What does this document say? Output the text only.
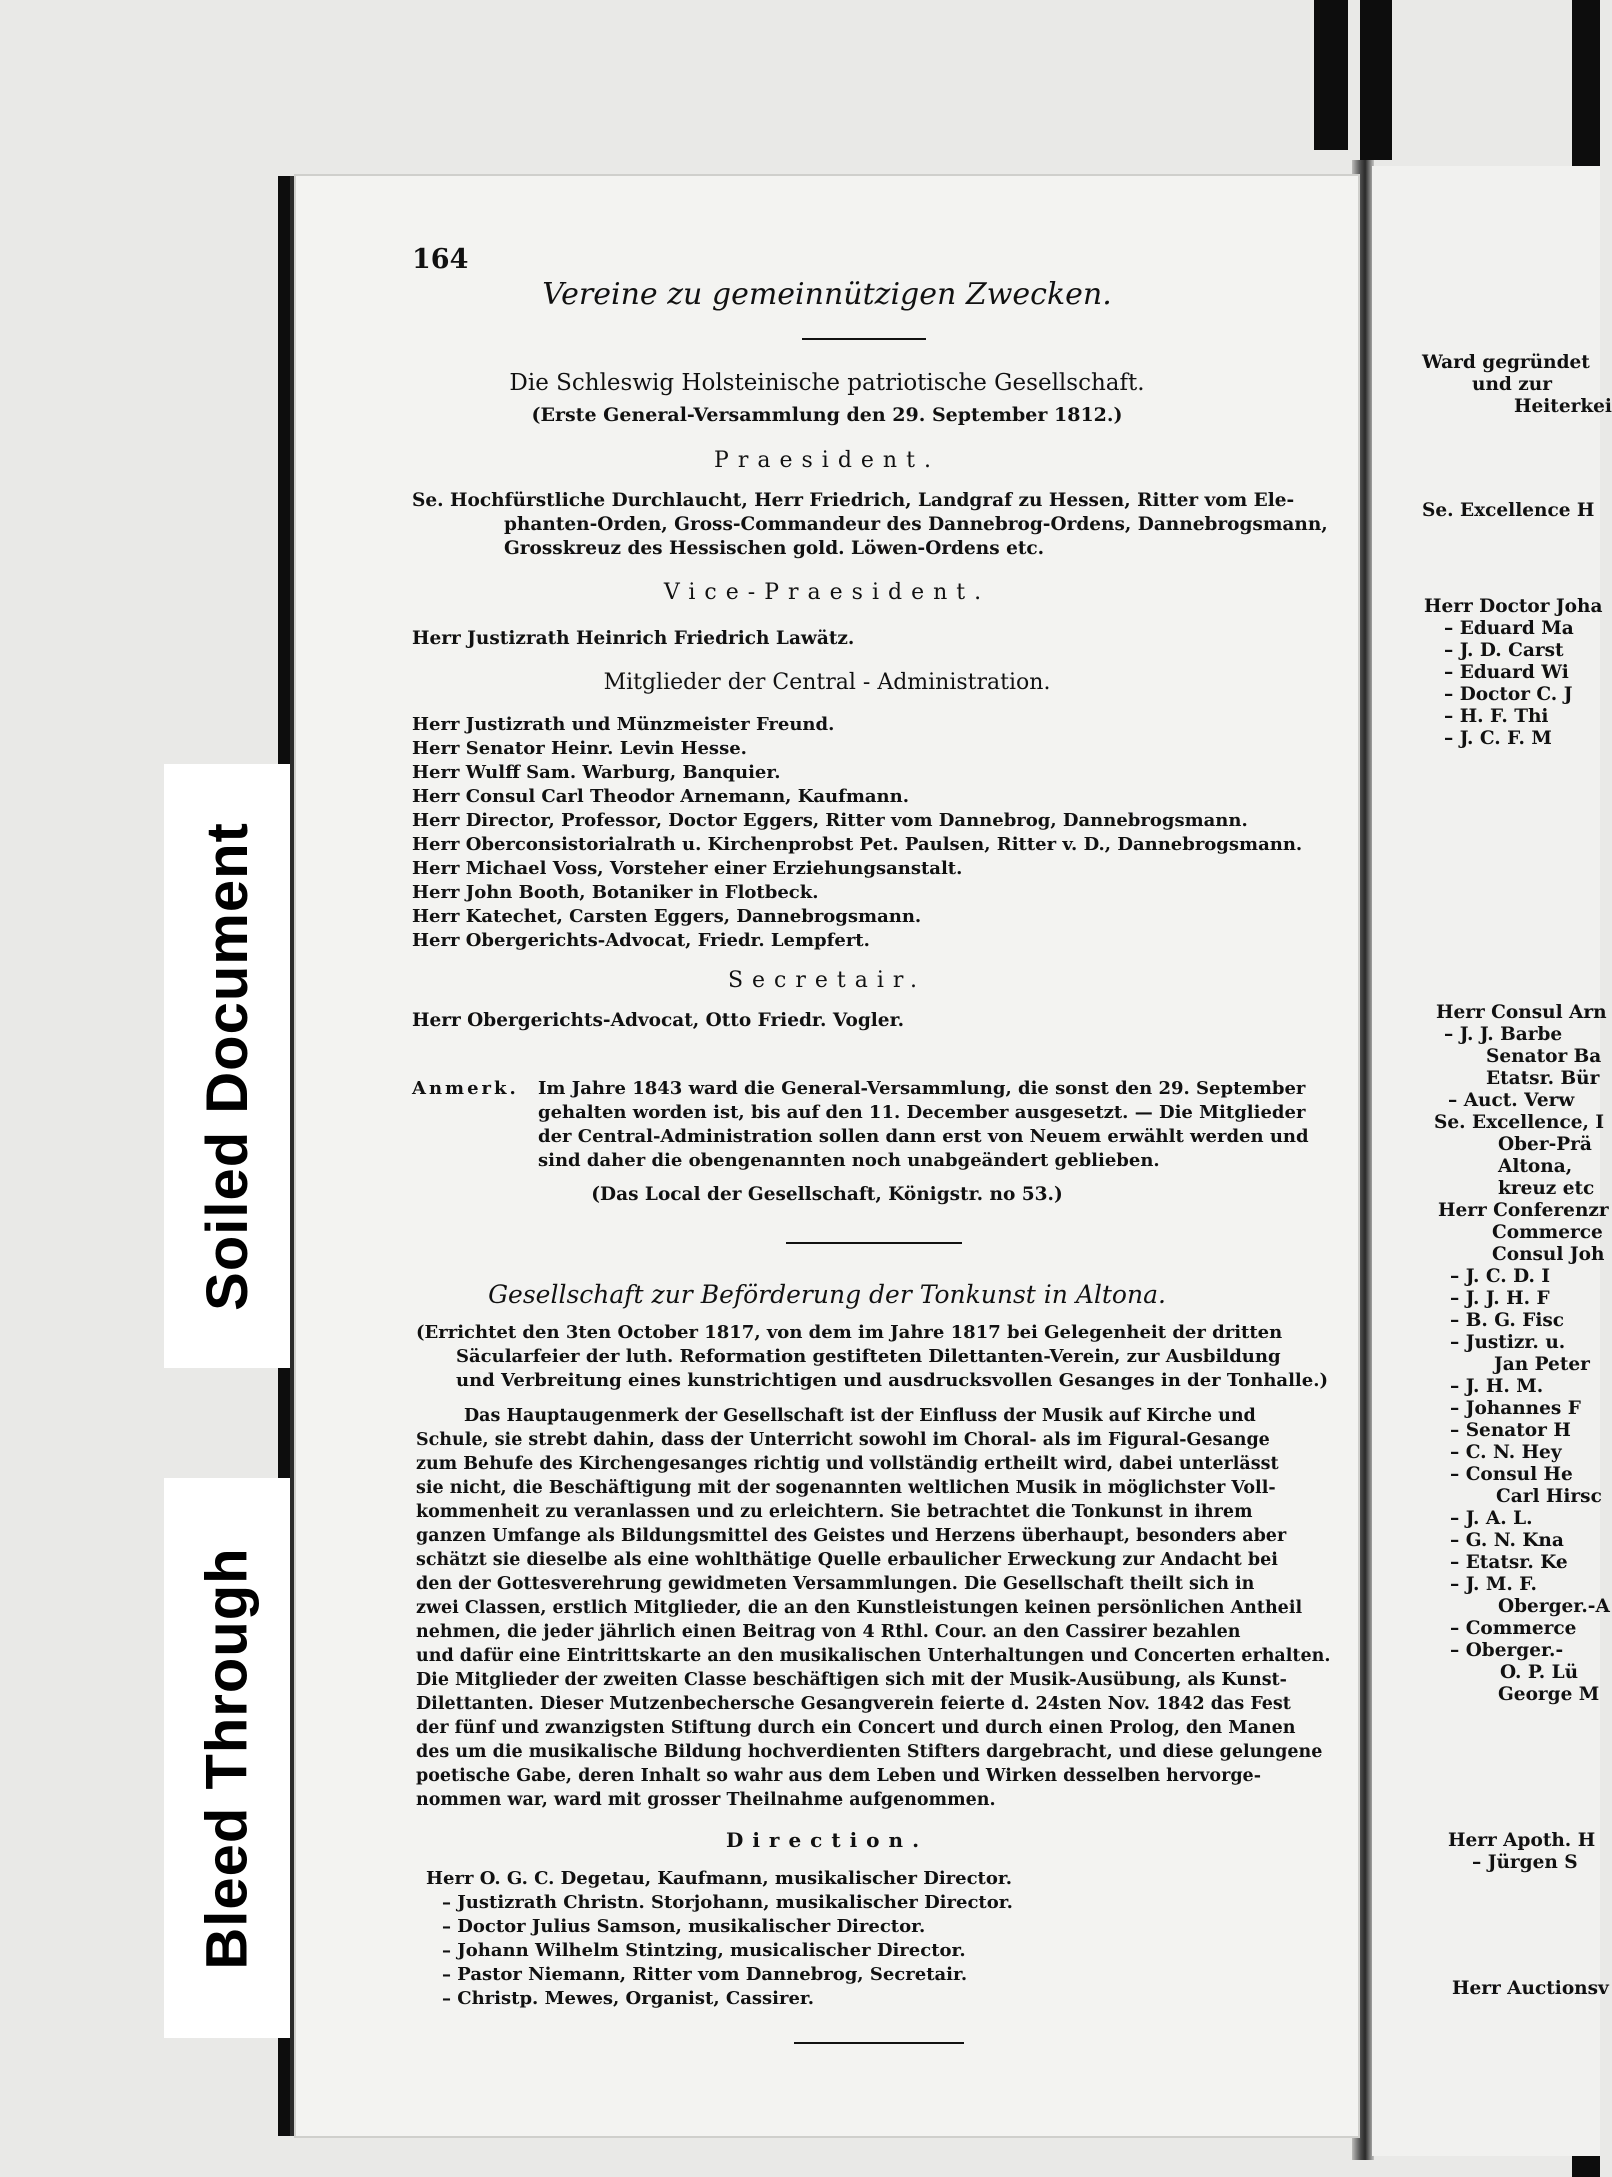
Soiled Document
Bleed Through
164
Vereine zu gemeinnützigen Zwecken.
Die Schleswig Holsteinische patriotische Gesellschaft.
(Erste General-Versammlung den 29. September 1812.)
Praesident.
Se. Hochfürstliche Durchlaucht, Herr Friedrich, Landgraf zu Hessen, Ritter vom Ele-
phanten-Orden, Gross-Commandeur des Dannebrog-Ordens, Dannebrogsmann,
Grosskreuz des Hessischen gold. Löwen-Ordens etc.
Vice-Praesident.
Herr Justizrath Heinrich Friedrich Lawätz.
Mitglieder der Central - Administration.
Herr Justizrath und Münzmeister Freund.
Herr Senator Heinr. Levin Hesse.
Herr Wulff Sam. Warburg, Banquier.
Herr Consul Carl Theodor Arnemann, Kaufmann.
Herr Director, Professor, Doctor Eggers, Ritter vom Dannebrog, Dannebrogsmann.
Herr Oberconsistorialrath u. Kirchenprobst Pet. Paulsen, Ritter v. D., Dannebrogsmann.
Herr Michael Voss, Vorsteher einer Erziehungsanstalt.
Herr John Booth, Botaniker in Flotbeck.
Herr Katechet, Carsten Eggers, Dannebrogsmann.
Herr Obergerichts-Advocat, Friedr. Lempfert.
Secretair.
Herr Obergerichts-Advocat, Otto Friedr. Vogler.
Anmerk. Im Jahre 1843 ward die General-Versammlung, die sonst den 29. September
gehalten worden ist, bis auf den 11. December ausgesetzt. — Die Mitglieder
der Central-Administration sollen dann erst von Neuem erwählt werden und
sind daher die obengenannten noch unabgeändert geblieben.
(Das Local der Gesellschaft, Königstr. no 53.)
Gesellschaft zur Beförderung der Tonkunst in Altona.
(Errichtet den 3ten October 1817, von dem im Jahre 1817 bei Gelegenheit der dritten
Säcularfeier der luth. Reformation gestifteten Dilettanten-Verein, zur Ausbildung
und Verbreitung eines kunstrichtigen und ausdrucksvollen Gesanges in der Tonhalle.)
Das Hauptaugenmerk der Gesellschaft ist der Einfluss der Musik auf Kirche und
Schule, sie strebt dahin, dass der Unterricht sowohl im Choral- als im Figural-Gesange
zum Behufe des Kirchengesanges richtig und vollständig ertheilt wird, dabei unterlässt
sie nicht, die Beschäftigung mit der sogenannten weltlichen Musik in möglichster Voll-
kommenheit zu veranlassen und zu erleichtern. Sie betrachtet die Tonkunst in ihrem
ganzen Umfange als Bildungsmittel des Geistes und Herzens überhaupt, besonders aber
schätzt sie dieselbe als eine wohlthätige Quelle erbaulicher Erweckung zur Andacht bei
den der Gottesverehrung gewidmeten Versammlungen. Die Gesellschaft theilt sich in
zwei Classen, erstlich Mitglieder, die an den Kunstleistungen keinen persönlichen Antheil
nehmen, die jeder jährlich einen Beitrag von 4 Rthl. Cour. an den Cassirer bezahlen
und dafür eine Eintrittskarte an den musikalischen Unterhaltungen und Concerten erhalten.
Die Mitglieder der zweiten Classe beschäftigen sich mit der Musik-Ausübung, als Kunst-
Dilettanten. Dieser Mutzenbechersche Gesangverein feierte d. 24sten Nov. 1842 das Fest
der fünf und zwanzigsten Stiftung durch ein Concert und durch einen Prolog, den Manen
des um die musikalische Bildung hochverdienten Stifters dargebracht, und diese gelungene
poetische Gabe, deren Inhalt so wahr aus dem Leben und Wirken desselben hervorge-
nommen war, ward mit grosser Theilnahme aufgenommen.
Direction.
Herr O. G. C. Degetau, Kaufmann, musikalischer Director.
– Justizrath Christn. Storjohann, musikalischer Director.
– Doctor Julius Samson, musikalischer Director.
– Johann Wilhelm Stintzing, musicalischer Director.
– Pastor Niemann, Ritter vom Dannebrog, Secretair.
– Christp. Mewes, Organist, Cassirer.
Ward gegründet
und zur
Heiterkei
Se. Excellence H
Herr Doctor Joha
– Eduard Ma
– J. D. Carst
– Eduard Wi
– Doctor C. J
– H. F. Thi
– J. C. F. M
Herr Consul Arn
– J. J. Barbe
Senator Ba
Etatsr. Bür
– Auct. Verw
Se. Excellence, I
Ober-Prä
Altona,
kreuz etc
Herr Conferenzr
Commerce
Consul Joh
– J. C. D. I
– J. J. H. F
– B. G. Fisc
– Justizr. u.
Jan Peter
– J. H. M.
– Johannes F
– Senator H
– C. N. Hey
– Consul He
Carl Hirsc
– J. A. L.
– G. N. Kna
– Etatsr. Ke
– J. M. F.
Oberger.-A
– Commerce
– Oberger.-
O. P. Lü
George M
Herr Apoth. H
– Jürgen S
Herr Auctionsv
